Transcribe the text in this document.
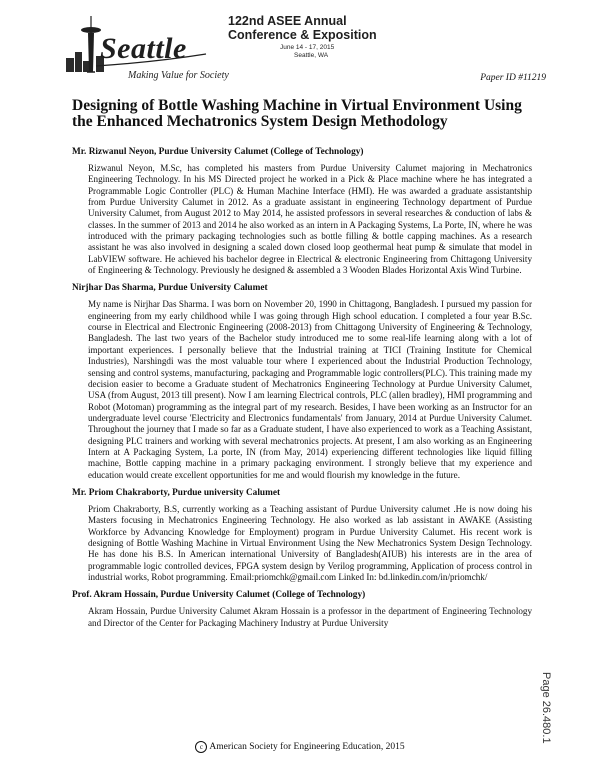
Seattle
Making Value for Society
122nd ASEE Annual
Conference & Exposition
June 14 - 17, 2015
Seattle, WA
Paper ID #11219
Designing of Bottle Washing Machine in Virtual Environment Using the Enhanced Mechatronics System Design Methodology

Mr. Rizwanul Neyon, Purdue University Calumet (College of Technology)

Rizwanul Neyon, M.Sc, has completed his masters from Purdue University Calumet majoring in Mechatronics Engineering Technology. In his MS Directed project he worked in a Pick & Place machine where he has integrated a Programmable Logic Controller (PLC) & Human Machine Interface (HMI). He was awarded a graduate assistantship from Purdue University Calumet in 2012. As a graduate assistant in engineering Technology department of Purdue University Calumet, from August 2012 to May 2014, he assisted professors in several researches & conduction of labs & classes. In the summer of 2013 and 2014 he also worked as an intern in A Packaging Systems, La Porte, IN, where he was introduced with the primary packaging technologies such as bottle filling & bottle capping machines. As a research assistant he was also involved in designing a scaled down closed loop geothermal heat pump & simulate that model in LabVIEW software. He achieved his bachelor degree in Electrical & electronic Engineering from Chittagong University of Engineering & Technology. Previously he designed & assembled a 3 Wooden Blades Horizontal Axis Wind Turbine.

Nirjhar Das Sharma, Purdue University Calumet

My name is Nirjhar Das Sharma. I was born on November 20, 1990 in Chittagong, Bangladesh. I pursued my passion for engineering from my early childhood while I was going through High school education. I completed a four year B.Sc. course in Electrical and Electronic Engineering (2008-2013) from Chittagong University of Engineering & Technology, Bangladesh. The last two years of the Bachelor study introduced me to some real-life learning along with a lot of important experiences. I personally believe that the Industrial training at TICI (Training Institute for Chemical Industries), Narshingdi was the most valuable tour where I experienced about the Industrial Production Technology, sensing and control systems, manufacturing, packaging and Programmable logic controllers(PLC). This training made my decision easier to become a Graduate student of Mechatronics Engineering Technology at Purdue University Calumet, USA (from August, 2013 till present). Now I am learning Electrical controls, PLC (allen bradley), HMI programming and Robot (Motoman) programming as the integral part of my research. Besides, I have been working as an Instructor for an undergraduate level course 'Electricity and Electronics fundamentals' from January, 2014 at Purdue University Calumet. Throughout the journey that I made so far as a Graduate student, I have also experienced to work as a Teaching Assistant, designing PLC trainers and working with several mechatronics projects. At present, I am also working as an Engineering Intern at A Packaging System, La porte, IN (from May, 2014) experiencing different technologies like liquid filling machine, Bottle capping machine in a primary packaging environment. I strongly believe that my experience and education would create excellent opportunities for me and would flourish my knowledge in the future.

Mr. Priom Chakraborty, Purdue university Calumet

Priom Chakraborty, B.S, currently working as a Teaching assistant of Purdue University calumet .He is now doing his Masters focusing in Mechatronics Engineering Technology. He also worked as lab assistant in AWAKE (Assisting Workforce by Advancing Knowledge for Employment) program in Purdue University Calumet. His recent work is designing of Bottle Washing Machine in Virtual Environment Using the New Mechatronics System Design Technology. He has done his B.S. In American international University of Bangladesh(AIUB) his interests are in the area of programmable logic controlled devices, FPGA system design by Verilog programming, Application of process control in industrial works, Robot programming. Email:priomchk@gmail.com Linked In: bd.linkedin.com/in/priomchk/

Prof. Akram Hossain, Purdue University Calumet (College of Technology)

Akram Hossain, Purdue University Calumet Akram Hossain is a professor in the department of Engineering Technology and Director of the Center for Packaging Machinery Industry at Purdue University

Page 26.480.1
c American Society for Engineering Education, 2015
